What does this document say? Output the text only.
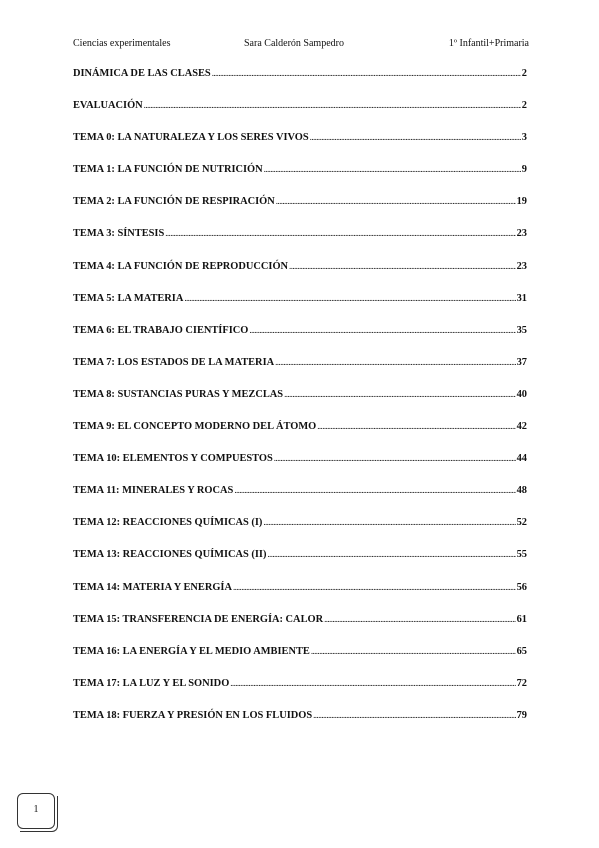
Ciencias experimentales	Sara Calderón Sampedro	1º Infantil+Primaria
DINÁMICA DE LAS CLASES .....	2
EVALUACIÓN .....	2
TEMA 0: LA NATURALEZA Y LOS SERES VIVOS .....	3
TEMA 1: LA FUNCIÓN DE NUTRICIÓN .....	9
TEMA 2: LA FUNCIÓN DE RESPIRACIÓN .....	19
TEMA 3: SÍNTESIS .....	23
TEMA 4: LA FUNCIÓN DE REPRODUCCIÓN .....	23
TEMA 5: LA MATERIA .....	31
TEMA 6: EL TRABAJO CIENTÍFICO .....	35
TEMA 7: LOS ESTADOS DE LA MATERIA .....	37
TEMA 8: SUSTANCIAS PURAS Y MEZCLAS .....	40
TEMA 9: EL CONCEPTO MODERNO DEL ÁTOMO .....	42
TEMA 10: ELEMENTOS Y COMPUESTOS .....	44
TEMA 11: MINERALES Y ROCAS .....	48
TEMA 12: REACCIONES QUÍMICAS (I) .....	52
TEMA 13: REACCIONES QUÍMICAS (II) .....	55
TEMA 14: MATERIA Y ENERGÍA .....	56
TEMA 15: TRANSFERENCIA DE ENERGÍA: CALOR .....	61
TEMA 16: LA ENERGÍA Y EL MEDIO AMBIENTE .....	65
TEMA 17: LA LUZ Y EL SONIDO .....	72
TEMA 18: FUERZA Y PRESIÓN EN LOS FLUIDOS .....	79
1
